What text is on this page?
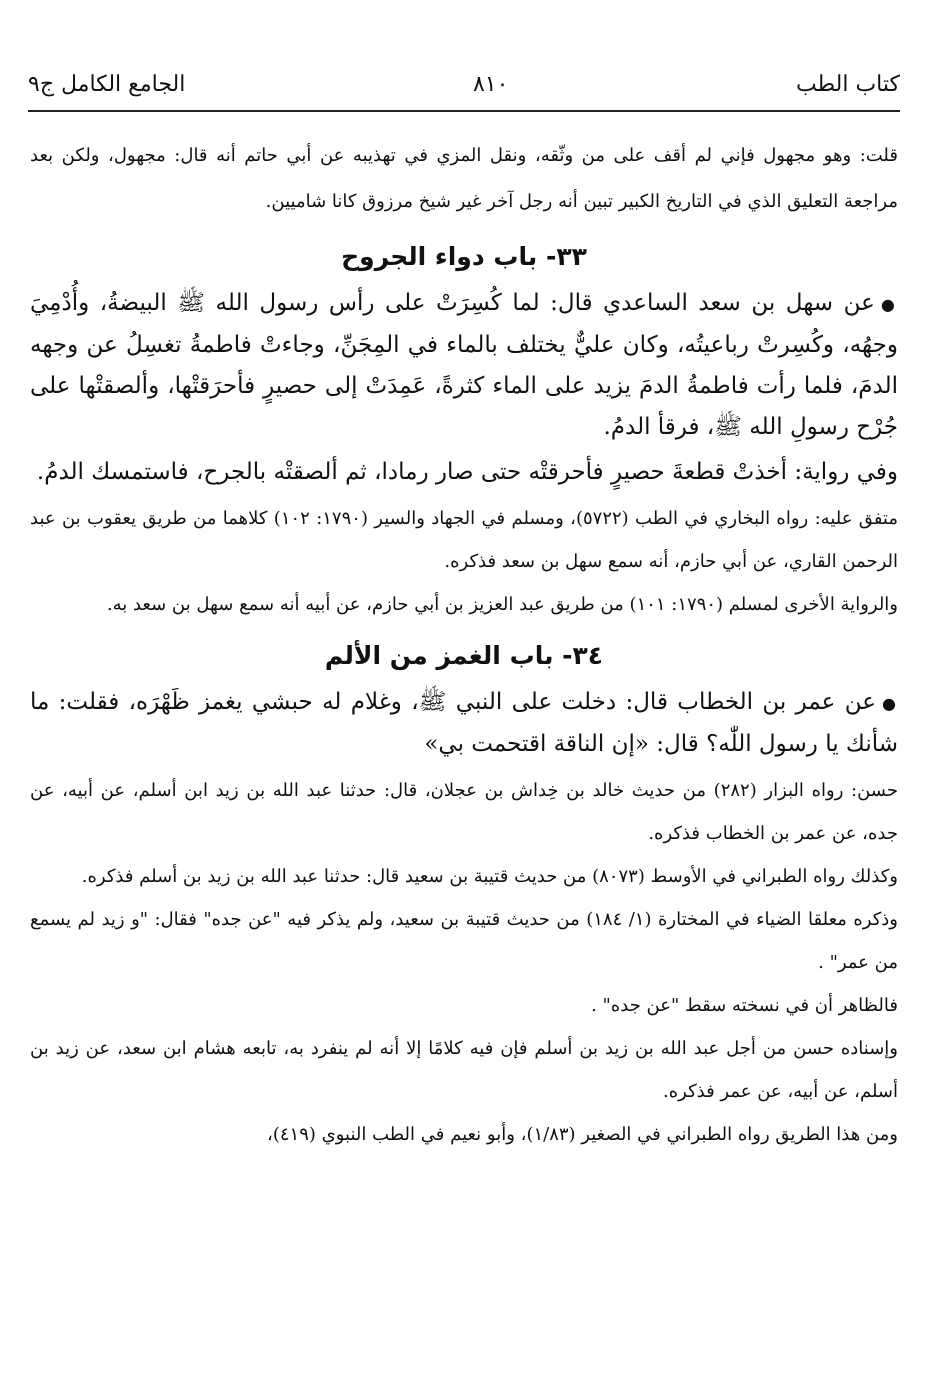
كتاب الطب
٨١٠
الجامع الكامل ج٩

قلت: وهو مجهول فإني لم أقف على من وثّقه، ونقل المزي في تهذيبه عن أبي حاتم أنه قال: مجهول، ولكن بعد مراجعة التعليق الذي في التاريخ الكبير تبين أنه رجل آخر غير شيخ مرزوق كانا شاميين.

٣٣- باب دواء الجروح

●عن سهل بن سعد الساعدي قال: لما كُسِرَتْ على رأس رسول الله ﷺ البيضةُ، وأُدْمِيَ وجهُه، وكُسِرتْ رباعيتُه، وكان عليٌّ يختلف بالماء في المِجَنِّ، وجاءتْ فاطمةُ تغسِلُ عن وجهه الدمَ، فلما رأت فاطمةُ الدمَ يزيد على الماء كثرةً، عَمِدَتْ إلى حصيرٍ فأحرَقتْها، وألصقتْها على جُرْح رسولِ الله ﷺ، فرقأ الدمُ.

وفي رواية: أخذتْ قطعةَ حصيرٍ فأحرقتْه حتى صار رمادا، ثم ألصقتْه بالجرح، فاستمسك الدمُ.

متفق عليه: رواه البخاري في الطب (٥٧٢٢)، ومسلم في الجهاد والسير (١٧٩٠: ١٠٢) كلاهما من طريق يعقوب بن عبد الرحمن القاري، عن أبي حازم، أنه سمع سهل بن سعد فذكره.

والرواية الأخرى لمسلم (١٧٩٠: ١٠١) من طريق عبد العزيز بن أبي حازم، عن أبيه أنه سمع سهل بن سعد به.

٣٤- باب الغمز من الألم

●عن عمر بن الخطاب قال: دخلت على النبي ﷺ، وغلام له حبشي يغمز ظَهْرَه، فقلت: ما شأنك يا رسول اللّٰه؟ قال: «إن الناقة اقتحمت بي»

حسن: رواه البزار (٢٨٢) من حديث خالد بن خِداش بن عجلان، قال: حدثنا عبد الله بن زيد ابن أسلم، عن أبيه، عن جده، عن عمر بن الخطاب فذكره.

وكذلك رواه الطبراني في الأوسط (٨٠٧٣) من حديث قتيبة بن سعيد قال: حدثنا عبد الله بن زيد بن أسلم فذكره.

وذكره معلقا الضياء في المختارة (١/ ١٨٤) من حديث قتيبة بن سعيد، ولم يذكر فيه "عن جده" فقال: "و زيد لم يسمع من عمر" .

فالظاهر أن في نسخته سقط "عن جده" .

وإسناده حسن من أجل عبد الله بن زيد بن أسلم فإن فيه كلامًا إلا أنه لم ينفرد به، تابعه هشام ابن سعد، عن زيد بن أسلم، عن أبيه، عن عمر فذكره.

ومن هذا الطريق رواه الطبراني في الصغير (١/٨٣)، وأبو نعيم في الطب النبوي (٤١٩)،
